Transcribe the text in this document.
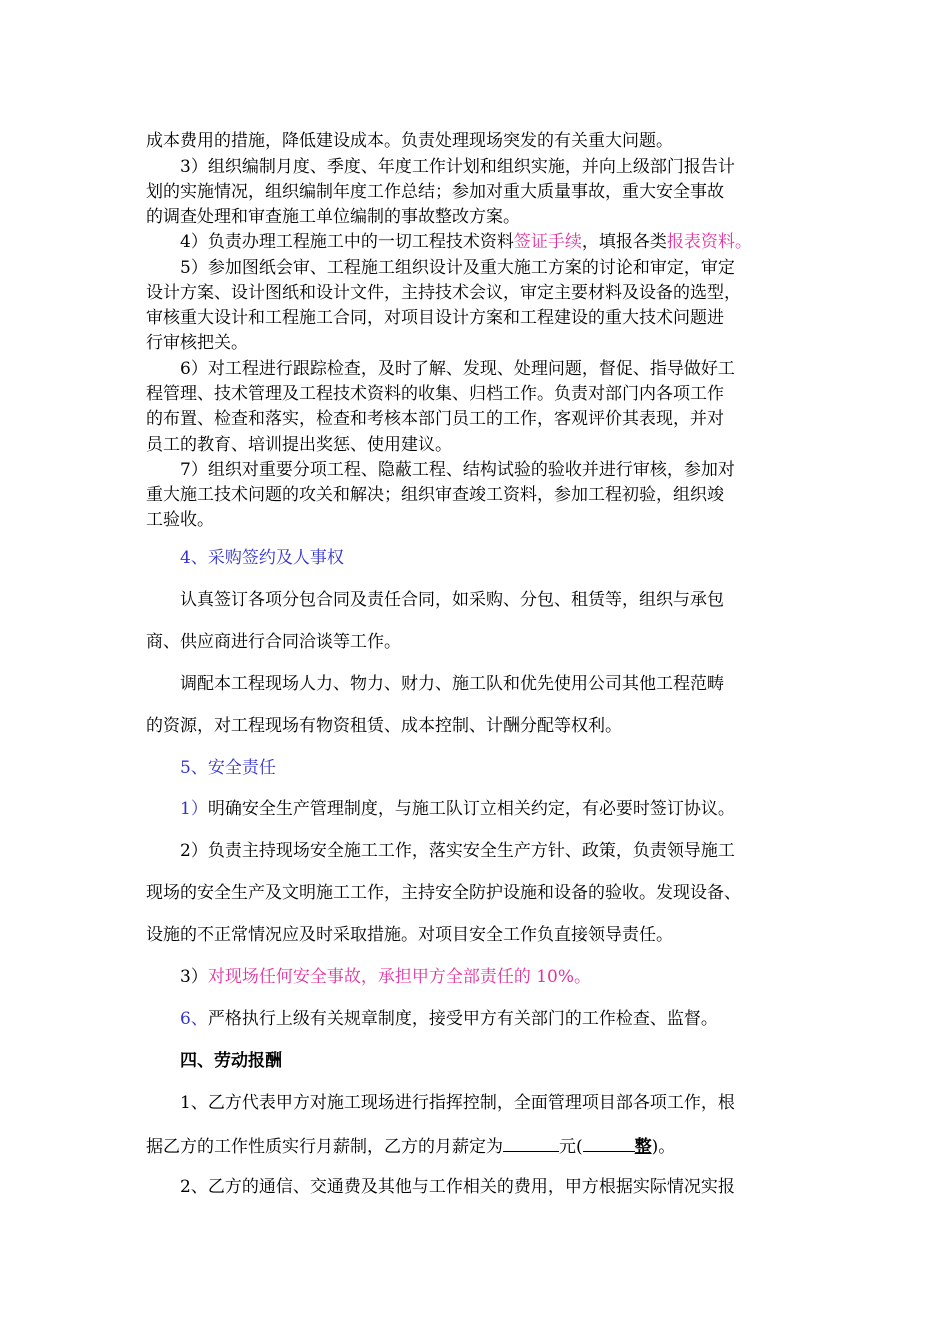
成本费用的措施，降低建设成本。负责处理现场突发的有关重大问题。
3）组织编制月度、季度、年度工作计划和组织实施，并向上级部门报告计
划的实施情况，组织编制年度工作总结；参加对重大质量事故，重大安全事故
的调查处理和审查施工单位编制的事故整改方案。
4）负责办理工程施工中的一切工程技术资料签证手续，填报各类报表资料。
5）参加图纸会审、工程施工组织设计及重大施工方案的讨论和审定，审定
设计方案、设计图纸和设计文件，主持技术会议，审定主要材料及设备的选型，
审核重大设计和工程施工合同，对项目设计方案和工程建设的重大技术问题进
行审核把关。
6）对工程进行跟踪检查，及时了解、发现、处理问题，督促、指导做好工
程管理、技术管理及工程技术资料的收集、归档工作。负责对部门内各项工作
的布置、检查和落实，检查和考核本部门员工的工作，客观评价其表现，并对
员工的教育、培训提出奖惩、使用建议。
7）组织对重要分项工程、隐蔽工程、结构试验的验收并进行审核，参加对
重大施工技术问题的攻关和解决；组织审查竣工资料，参加工程初验，组织竣
工验收。
4、采购签约及人事权
认真签订各项分包合同及责任合同，如采购、分包、租赁等，组织与承包
商、供应商进行合同洽谈等工作。
调配本工程现场人力、物力、财力、施工队和优先使用公司其他工程范畴
的资源，对工程现场有物资租赁、成本控制、计酬分配等权利。
5、安全责任
1）明确安全生产管理制度，与施工队订立相关约定，有必要时签订协议。
2）负责主持现场安全施工工作，落实安全生产方针、政策，负责领导施工
现场的安全生产及文明施工工作，主持安全防护设施和设备的验收。发现设备、
设施的不正常情况应及时采取措施。对项目安全工作负直接领导责任。
3）对现场任何安全事故，承担甲方全部责任的 10%。
6、严格执行上级有关规章制度，接受甲方有关部门的工作检查、监督。
四、劳动报酬
1、乙方代表甲方对施工现场进行指挥控制，全面管理项目部各项工作，根
据乙方的工作性质实行月薪制，乙方的月薪定为	元(	整)。
2、乙方的通信、交通费及其他与工作相关的费用，甲方根据实际情况实报
